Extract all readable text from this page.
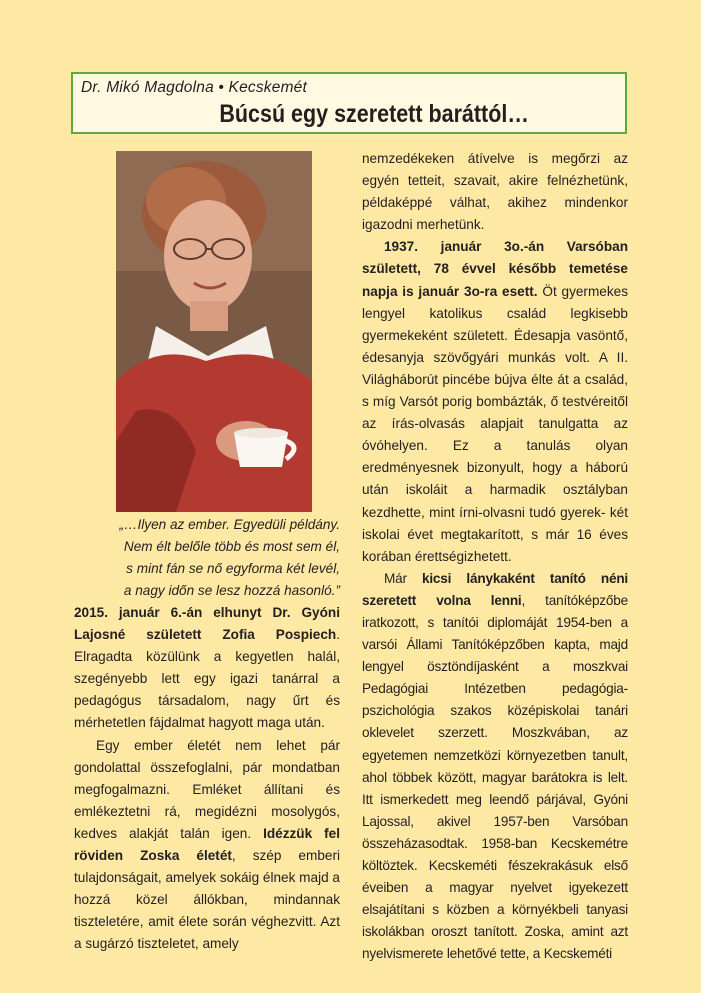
Dr. Mikó Magdolna • Kecskemét
Búcsú egy szeretett baráttól…

„…Ilyen az ember. Egyedüli példány.

Nem élt belőle több és most sem él,

s mint fán se nő egyforma két levél,

a nagy időn se lesz hozzá hasonló.”

2015. január 6.-án elhunyt Dr. Gyóni Lajosné született Zofia Pospiech. Elragadta közülünk a kegyetlen halál, szegényebb lett egy igazi tanárral a pedagógus társadalom, nagy űrt és mérhetetlen fájdalmat hagyott maga után.

Egy ember életét nem lehet pár gondolattal összefoglalni, pár mondatban megfogalmazni. Emléket állítani és emlékeztetni rá, megidézni mosolygós, kedves alakját talán igen. Idézzük fel röviden Zoska életét, szép emberi tulajdonságait, amelyek sokáig élnek majd a hozzá közel állókban, mindannak tiszteletére, amit élete során véghezvitt. Azt a sugárzó tiszteletet, amely

nemzedékeken átívelve is megőrzi az egyén tetteit, szavait, akire felnézhetünk, példaképpé válhat, akihez mindenkor igazodni merhetünk.

1937. január 3o.-án Varsóban született, 78 évvel később temetése napja is január 3o-ra esett. Öt gyermekes lengyel katolikus család legkisebb gyermekeként született. Édesapja vasöntő, édesanyja szövőgyári munkás volt. A II. Világháborút pincébe bújva élte át a család, s míg Varsót porig bombázták, ő testvéreitől az írás-olvasás alapjait tanulgatta az óvóhelyen. Ez a tanulás olyan eredményesnek bizonyult, hogy a háború után iskoláit a harmadik osztályban kezdhette, mint írni-olvasni tudó gyerek- két iskolai évet megtakarított, s már 16 éves korában érettségizhetett.

Már kicsi lánykaként tanító néni szeretett volna lenni, tanítóképzőbe iratkozott, s tanítói diplomáját 1954-ben a varsói Állami Tanítóképzőben kapta, majd lengyel ösztöndíjasként a moszkvai Pedagógiai Intézetben pedagógia-pszichológia szakos középiskolai tanári oklevelet szerzett. Moszkvában, az egyetemen nemzetközi környezetben tanult, ahol többek között, magyar barátokra is lelt. Itt ismerkedett meg leendő párjával, Gyóni Lajossal, akivel 1957-ben Varsóban összeházasodtak. 1958-ban Kecskemétre költöztek. Kecskeméti fészekrakásuk első éveiben a magyar nyelvet igyekezett elsajátítani s közben a környékbeli tanyasi iskolákban oroszt tanított. Zoska, amint azt nyelvismerete lehetővé tette, a Kecskeméti
